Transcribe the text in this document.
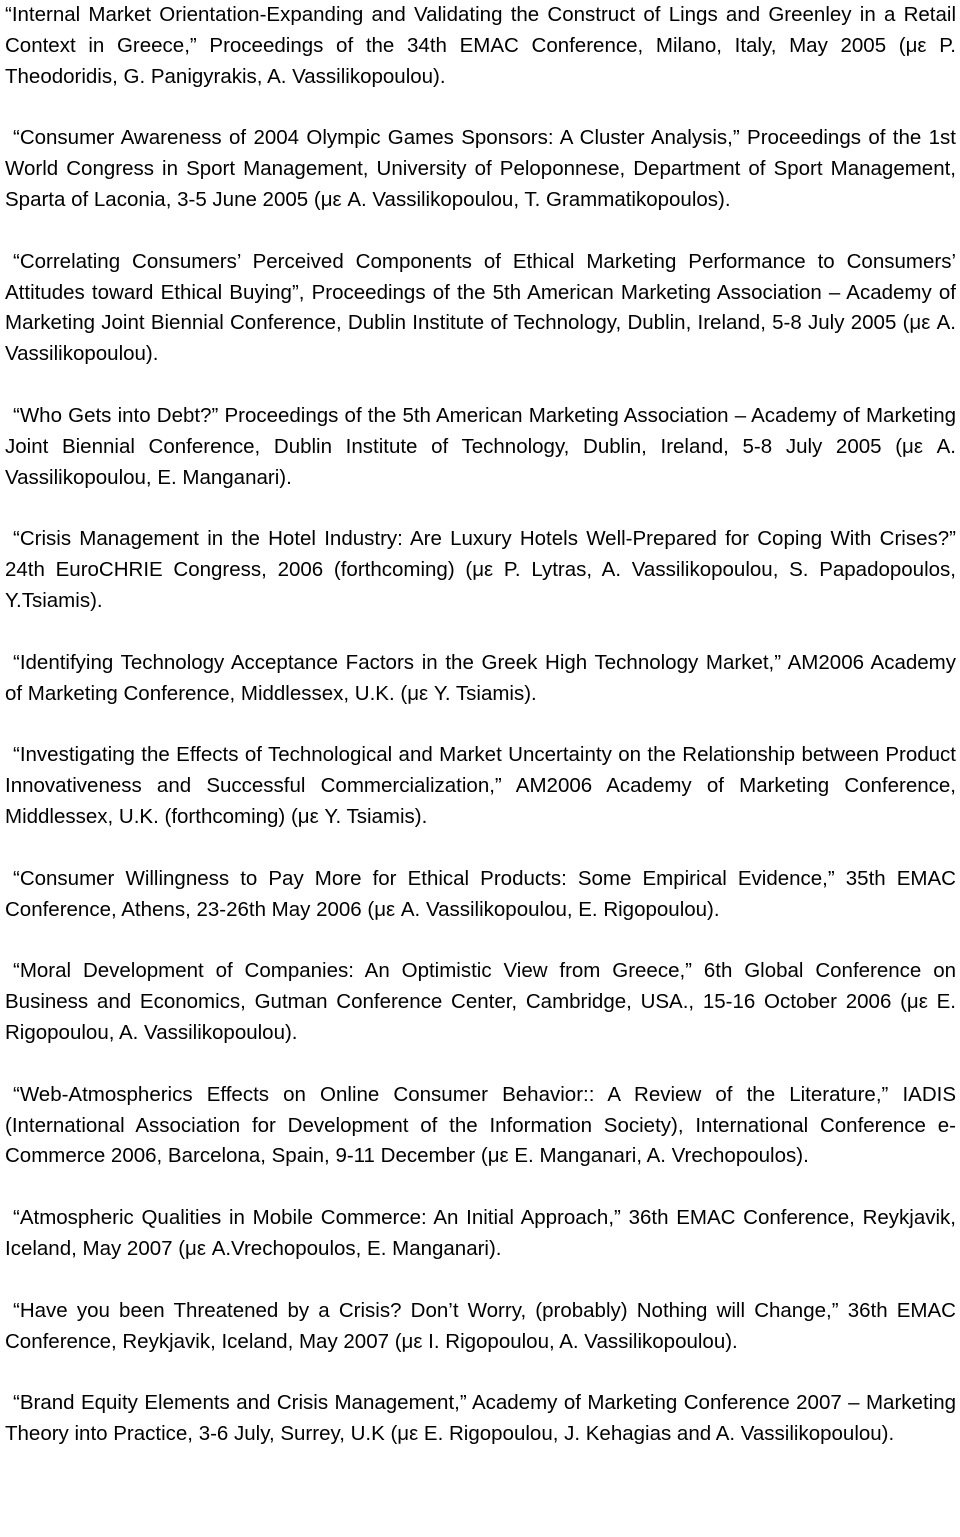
“Internal Market Orientation-Expanding and Validating the Construct of Lings and Greenley in a Retail Context in Greece,” Proceedings of the 34th EMAC Conference, Milano, Italy, May 2005 (με P. Theodoridis, G. Panigyrakis, A. Vassilikopoulou).

“Consumer Awareness of 2004 Olympic Games Sponsors: A Cluster Analysis,” Proceedings of the 1st World Congress in Sport Management, University of Peloponnese, Department of Sport Management, Sparta of Laconia, 3-5 June 2005 (με A. Vassilikopoulou, T. Grammatikopoulos).

“Correlating Consumers’ Perceived Components of Ethical Marketing Performance to Consumers’ Attitudes toward Ethical Buying”, Proceedings of the 5th American Marketing Association – Academy of Marketing Joint Biennial Conference, Dublin Institute of Technology, Dublin, Ireland, 5-8 July 2005 (με A. Vassilikopoulou).

“Who Gets into Debt?” Proceedings of the 5th American Marketing Association – Academy of Marketing Joint Biennial Conference, Dublin Institute of Technology, Dublin, Ireland, 5-8 July 2005 (με A. Vassilikopoulou, E. Manganari).

“Crisis Management in the Hotel Industry: Are Luxury Hotels Well-Prepared for Coping With Crises?” 24th EuroCHRIE Congress, 2006 (forthcoming) (με P. Lytras, A. Vassilikopoulou, S. Papadopoulos, Y.Tsiamis).

“Identifying Technology Acceptance Factors in the Greek High Technology Market,” AM2006 Academy of Marketing Conference, Middlessex, U.K. (με Y. Tsiamis).

“Investigating the Effects of Technological and Market Uncertainty on the Relationship between Product Innovativeness and Successful Commercialization,” AM2006 Academy of Marketing Conference, Middlessex, U.K. (forthcoming) (με Y. Tsiamis).

“Consumer Willingness to Pay More for Ethical Products: Some Empirical Evidence,” 35th EMAC Conference, Athens, 23-26th May 2006 (με A. Vassilikopoulou, E. Rigopoulou).

“Moral Development of Companies: An Optimistic View from Greece,” 6th Global Conference on Business and Economics, Gutman Conference Center, Cambridge, USA., 15-16 October 2006 (με E. Rigopoulou, A. Vassilikopoulou).

“Web-Atmospherics Effects on Online Consumer Behavior:: A Review of the Literature,” IADIS (International Association for Development of the Information Society), International Conference e-Commerce 2006, Barcelona, Spain, 9-11 December (με E. Manganari, A. Vrechopoulos).

“Atmospheric Qualities in Mobile Commerce: An Initial Approach,” 36th EMAC Conference, Reykjavik, Iceland, May 2007 (με A.Vrechopoulos, E. Manganari).

“Have you been Threatened by a Crisis? Don’t Worry, (probably) Nothing will Change,” 36th EMAC Conference, Reykjavik, Iceland, May 2007 (με I. Rigopoulou, A. Vassilikopoulou).

“Brand Equity Elements and Crisis Management,” Academy of Marketing Conference 2007 – Marketing Theory into Practice, 3-6 July, Surrey, U.K (με E. Rigopoulou, J. Kehagias and A. Vassilikopoulou).
